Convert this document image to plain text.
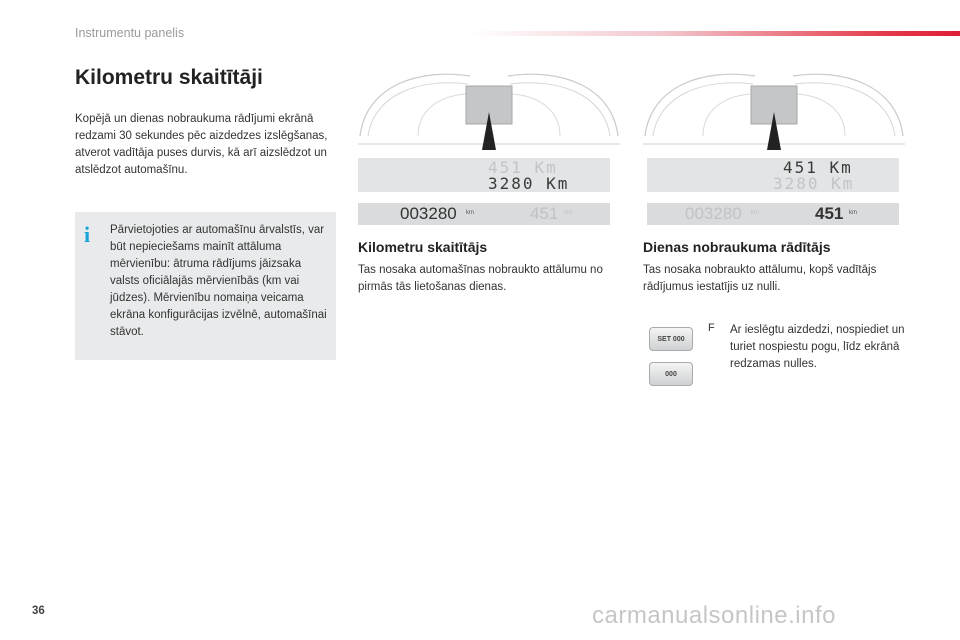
Instrumentu panelis
Kilometru skaitītāji
Kopējā un dienas nobraukuma rādījumi ekrānā redzami 30 sekundes pēc aizdedzes izslēgšanas, atverot vadītāja puses durvis, kā arī aizslēdzot un atslēdzot automašīnu.
i	Pārvietojoties ar automašīnu ārvalstīs, var būt nepieciešams mainīt attāluma mērvienību: ātruma rādījums jāizsaka valsts oficiālajās mērvienībās (km vai jūdzes). Mērvienību nomaiņa veicama ekrāna konfigurācijas izvēlnē, automašīnai stāvot.
451 Km
3280 Km
003280 km	451 km
Kilometru skaitītājs
Tas nosaka automašīnas nobraukto attālumu no pirmās tās lietošanas dienas.
451 Km
3280 Km
003280 km	451 km
Dienas nobraukuma rādītājs
Tas nosaka nobraukto attālumu, kopš vadītājs rādījumus iestatījis uz nulli.
SET 000
000
F Ar ieslēgtu aizdedzi, nospiediet un turiet nospiestu pogu, līdz ekrānā redzamas nulles.
36	carmanualsonline.info
